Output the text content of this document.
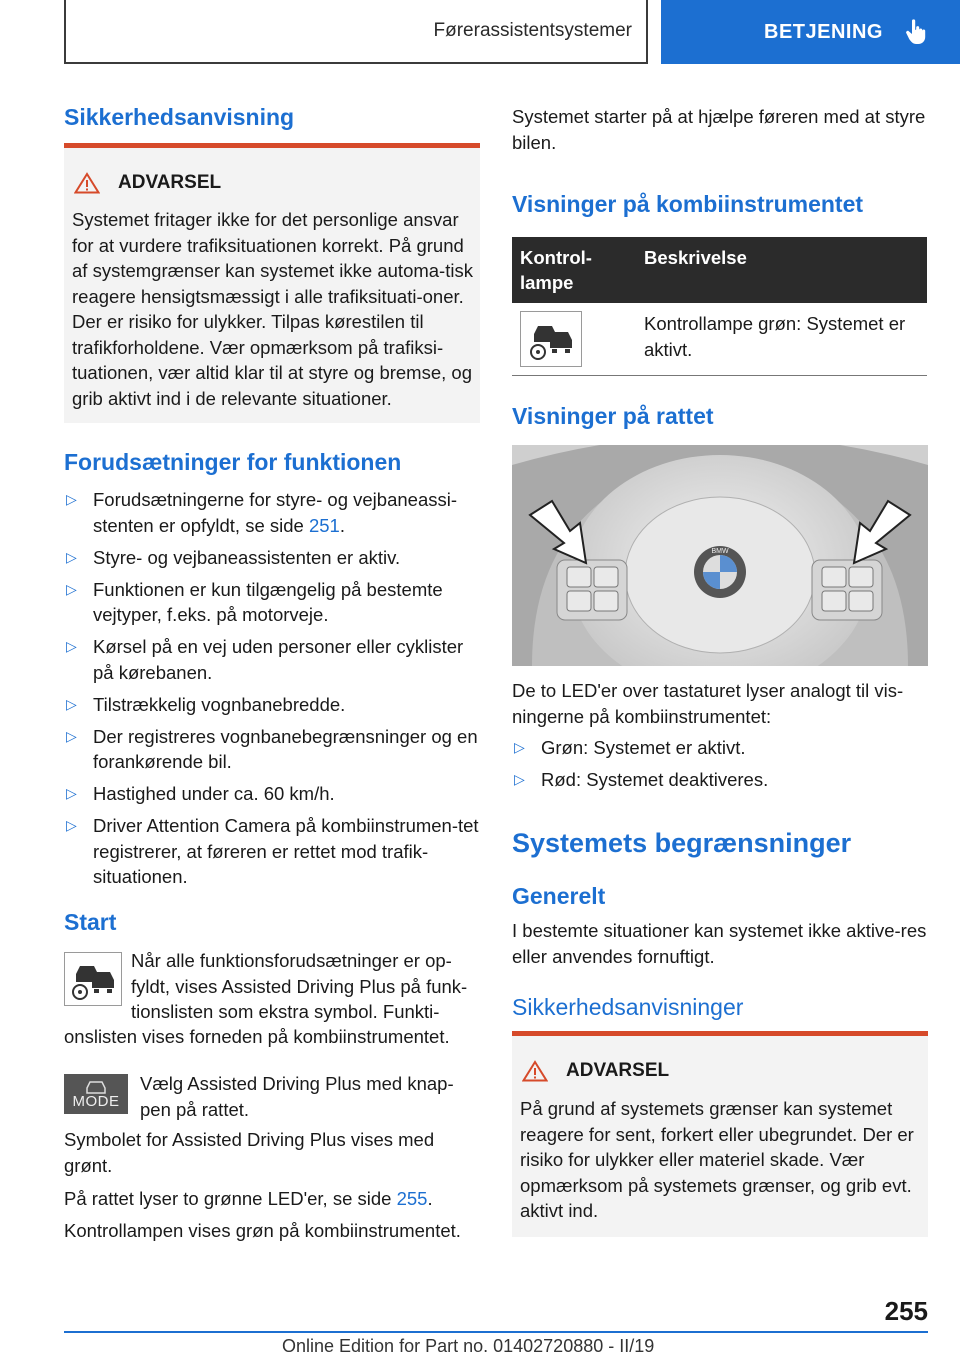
Førerassistentsystemer	BETJENING
Sikkerhedsanvisning
ADVARSEL
Systemet fritager ikke for det personlige ansvar for at vurdere trafiksituationen korrekt. På grund af systemgrænser kan systemet ikke automa-tisk reagere hensigtsmæssigt i alle trafiksituati-oner. Der er risiko for ulykker. Tilpas kørestilen til trafikforholdene. Vær opmærksom på trafiksi-tuationen, vær altid klar til at styre og bremse, og grib aktivt ind i de relevante situationer.
Forudsætninger for funktionen
▷ Forudsætningerne for styre- og vejbaneassi-stenten er opfyldt, se side 251.
▷ Styre- og vejbaneassistenten er aktiv.
▷ Funktionen er kun tilgængelig på bestemte vejtyper, f.eks. på motorveje.
▷ Kørsel på en vej uden personer eller cyklister på kørebanen.
▷ Tilstrækkelig vognbanebredde.
▷ Der registreres vognbanebegrænsninger og en forankørende bil.
▷ Hastighed under ca. 60 km/h.
▷ Driver Attention Camera på kombiinstrumen-tet registrerer, at føreren er rettet mod trafik-situationen.
Start
Når alle funktionsforudsætninger er op-fyldt, vises Assisted Driving Plus på funk-tionslisten som ekstra symbol. Funkti-
onslisten vises forneden på kombiinstrumentet.
MODE
Vælg Assisted Driving Plus med knap-pen på rattet.
Symbolet for Assisted Driving Plus vises med grønt.
På rattet lyser to grønne LED'er, se side 255.
Kontrollampen vises grøn på kombiinstrumentet.
Systemet starter på at hjælpe føreren med at styre bilen.
Visninger på kombiinstrumentet
Kontrol-lampe	Beskrivelse

	Kontrollampe grøn: Systemet er aktivt.
Visninger på rattet
BMW
De to LED'er over tastaturet lyser analogt til vis-ningerne på kombiinstrumentet:
▷ Grøn: Systemet er aktivt.
▷ Rød: Systemet deaktiveres.
Systemets begrænsninger
Generelt
I bestemte situationer kan systemet ikke aktive-res eller anvendes fornuftigt.
Sikkerhedsanvisninger
ADVARSEL
På grund af systemets grænser kan systemet reagere for sent, forkert eller ubegrundet. Der er risiko for ulykker eller materiel skade. Vær opmærksom på systemets grænser, og grib evt. aktivt ind.
255
Online Edition for Part no. 01402720880 - II/19
